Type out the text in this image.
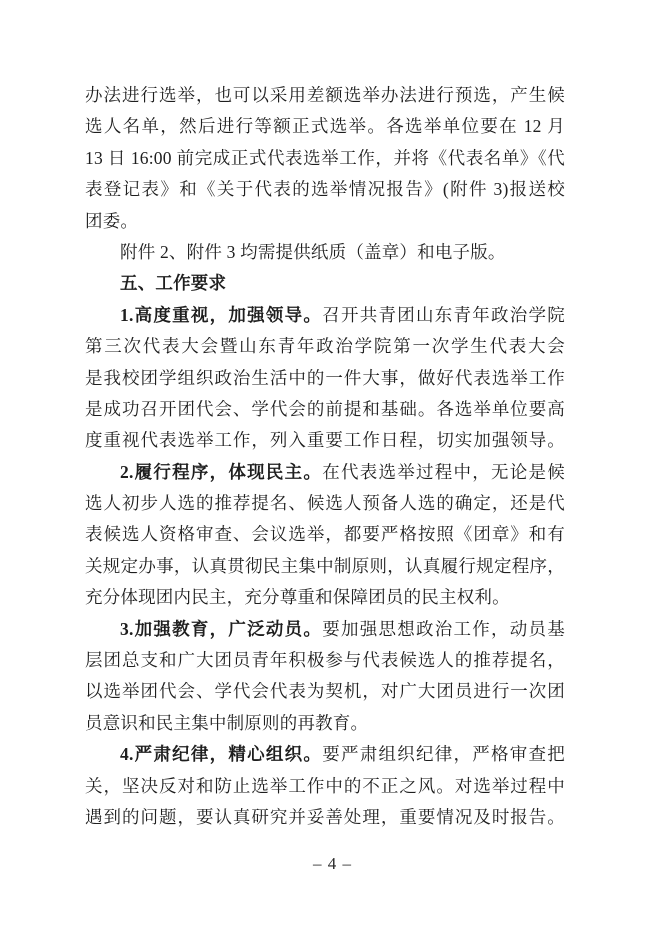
办法进行选举，也可以采用差额选举办法进行预选，产生候
选人名单，然后进行等额正式选举。各选举单位要在 12 月
13 日 16:00 前完成正式代表选举工作，并将《代表名单》《代
表登记表》和《关于代表的选举情况报告》(附件 3)报送校
团委。
附件 2、附件 3 均需提供纸质（盖章）和电子版。
五、工作要求
1.高度重视，加强领导。召开共青团山东青年政治学院
第三次代表大会暨山东青年政治学院第一次学生代表大会
是我校团学组织政治生活中的一件大事，做好代表选举工作
是成功召开团代会、学代会的前提和基础。各选举单位要高
度重视代表选举工作，列入重要工作日程，切实加强领导。
2.履行程序，体现民主。在代表选举过程中，无论是候
选人初步人选的推荐提名、候选人预备人选的确定，还是代
表候选人资格审查、会议选举，都要严格按照《团章》和有
关规定办事，认真贯彻民主集中制原则，认真履行规定程序，
充分体现团内民主，充分尊重和保障团员的民主权利。
3.加强教育，广泛动员。要加强思想政治工作，动员基
层团总支和广大团员青年积极参与代表候选人的推荐提名，
以选举团代会、学代会代表为契机，对广大团员进行一次团
员意识和民主集中制原则的再教育。
4.严肃纪律，精心组织。要严肃组织纪律，严格审查把
关，坚决反对和防止选举工作中的不正之风。对选举过程中
遇到的问题，要认真研究并妥善处理，重要情况及时报告。
– 4 –
